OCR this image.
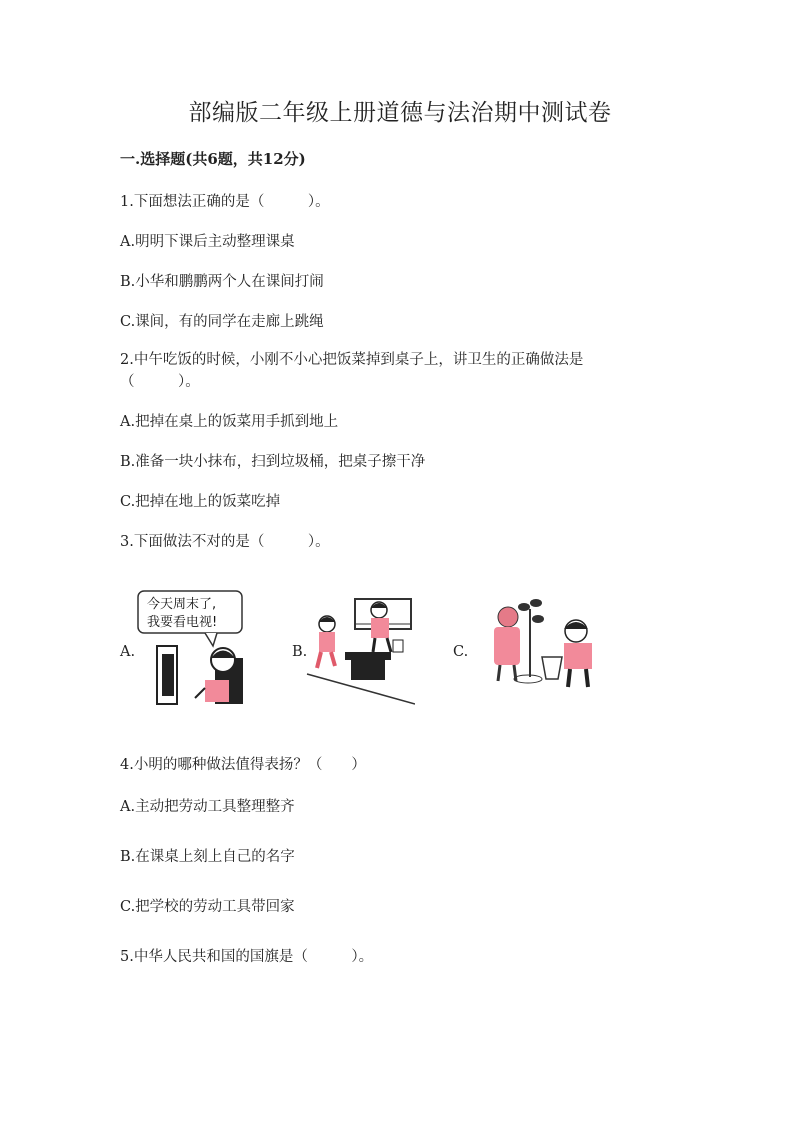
部编版二年级上册道德与法治期中测试卷
一.选择题(共6题，共12分)
1.下面想法正确的是（　　　）。
A.明明下课后主动整理课桌
B.小华和鹏鹏两个人在课间打闹
C.课间，有的同学在走廊上跳绳
2.中午吃饭的时候，小刚不小心把饭菜掉到桌子上，讲卫生的正确做法是
（　　　）。
A.把掉在桌上的饭菜用手抓到地上
B.准备一块小抹布，扫到垃圾桶，把桌子擦干净
C.把掉在地上的饭菜吃掉
3.下面做法不对的是（　　　）。
A.
今天周末了,
我要看电视!
B.	C.
4.小明的哪种做法值得表扬？（　　）
A.主动把劳动工具整理整齐
B.在课桌上刻上自己的名字
C.把学校的劳动工具带回家
5.中华人民共和国的国旗是（　　　）。
